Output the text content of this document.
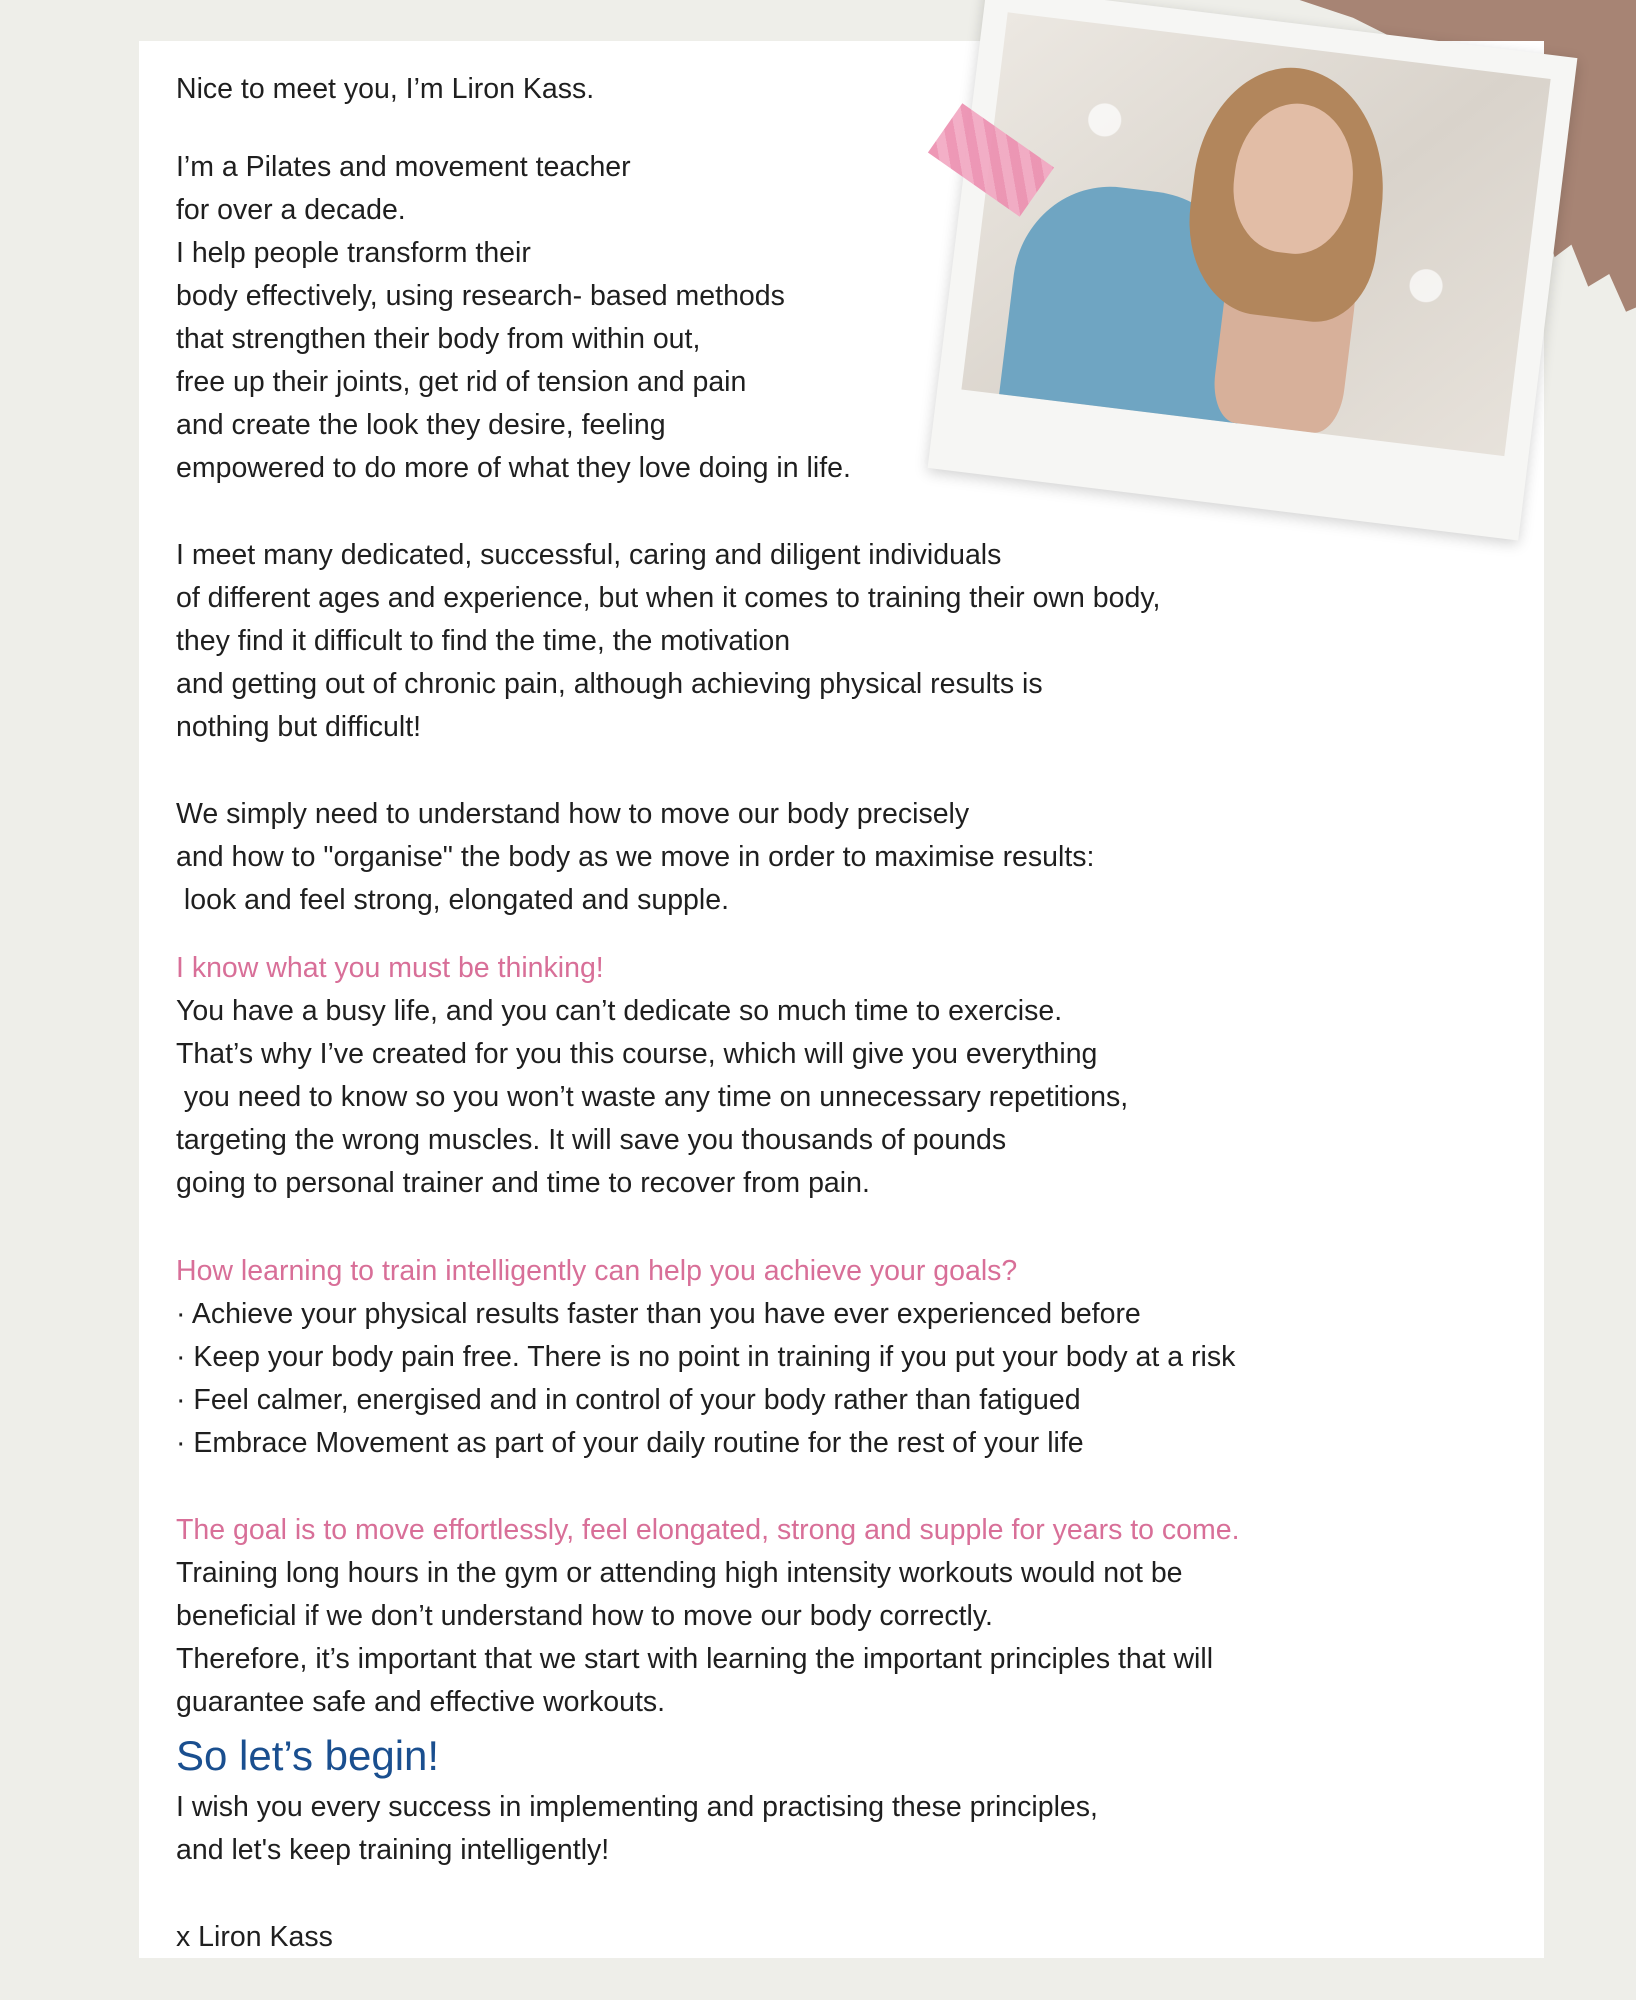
Nice to meet you, I’m Liron Kass.

I’m a Pilates and movement teacher
for over a decade.
I help people transform their
body effectively, using research- based methods
that strengthen their body from within out,
free up their joints, get rid of tension and pain
and create the look they desire, feeling
empowered to do more of what they love doing in life.

I meet many dedicated, successful, caring and diligent individuals
of different ages and experience, but when it comes to training their own body,
they find it difficult to find the time, the motivation
and getting out of chronic pain, although achieving physical results is
nothing but difficult!

We simply need to understand how to move our body precisely
and how to "organise" the body as we move in order to maximise results:
look and feel strong, elongated and supple.

I know what you must be thinking!

You have a busy life, and you can’t dedicate so much time to exercise.
That’s why I’ve created for you this course, which will give you everything
you need to know so you won’t waste any time on unnecessary repetitions,
targeting the wrong muscles. It will save you thousands of pounds
going to personal trainer and time to recover from pain.

How learning to train intelligently can help you achieve your goals?

· Achieve your physical results faster than you have ever experienced before

· Keep your body pain free. There is no point in training if you put your body at a risk

· Feel calmer, energised and in control of your body rather than fatigued

· Embrace Movement as part of your daily routine for the rest of your life

The goal is to move effortlessly, feel elongated, strong and supple for years to come.

Training long hours in the gym or attending high intensity workouts would not be
beneficial if we don’t understand how to move our body correctly.
Therefore, it’s important that we start with learning the important principles that will
guarantee safe and effective workouts.

So let’s begin!

I wish you every success in implementing and practising these principles,
and let's keep training intelligently!

x Liron Kass
